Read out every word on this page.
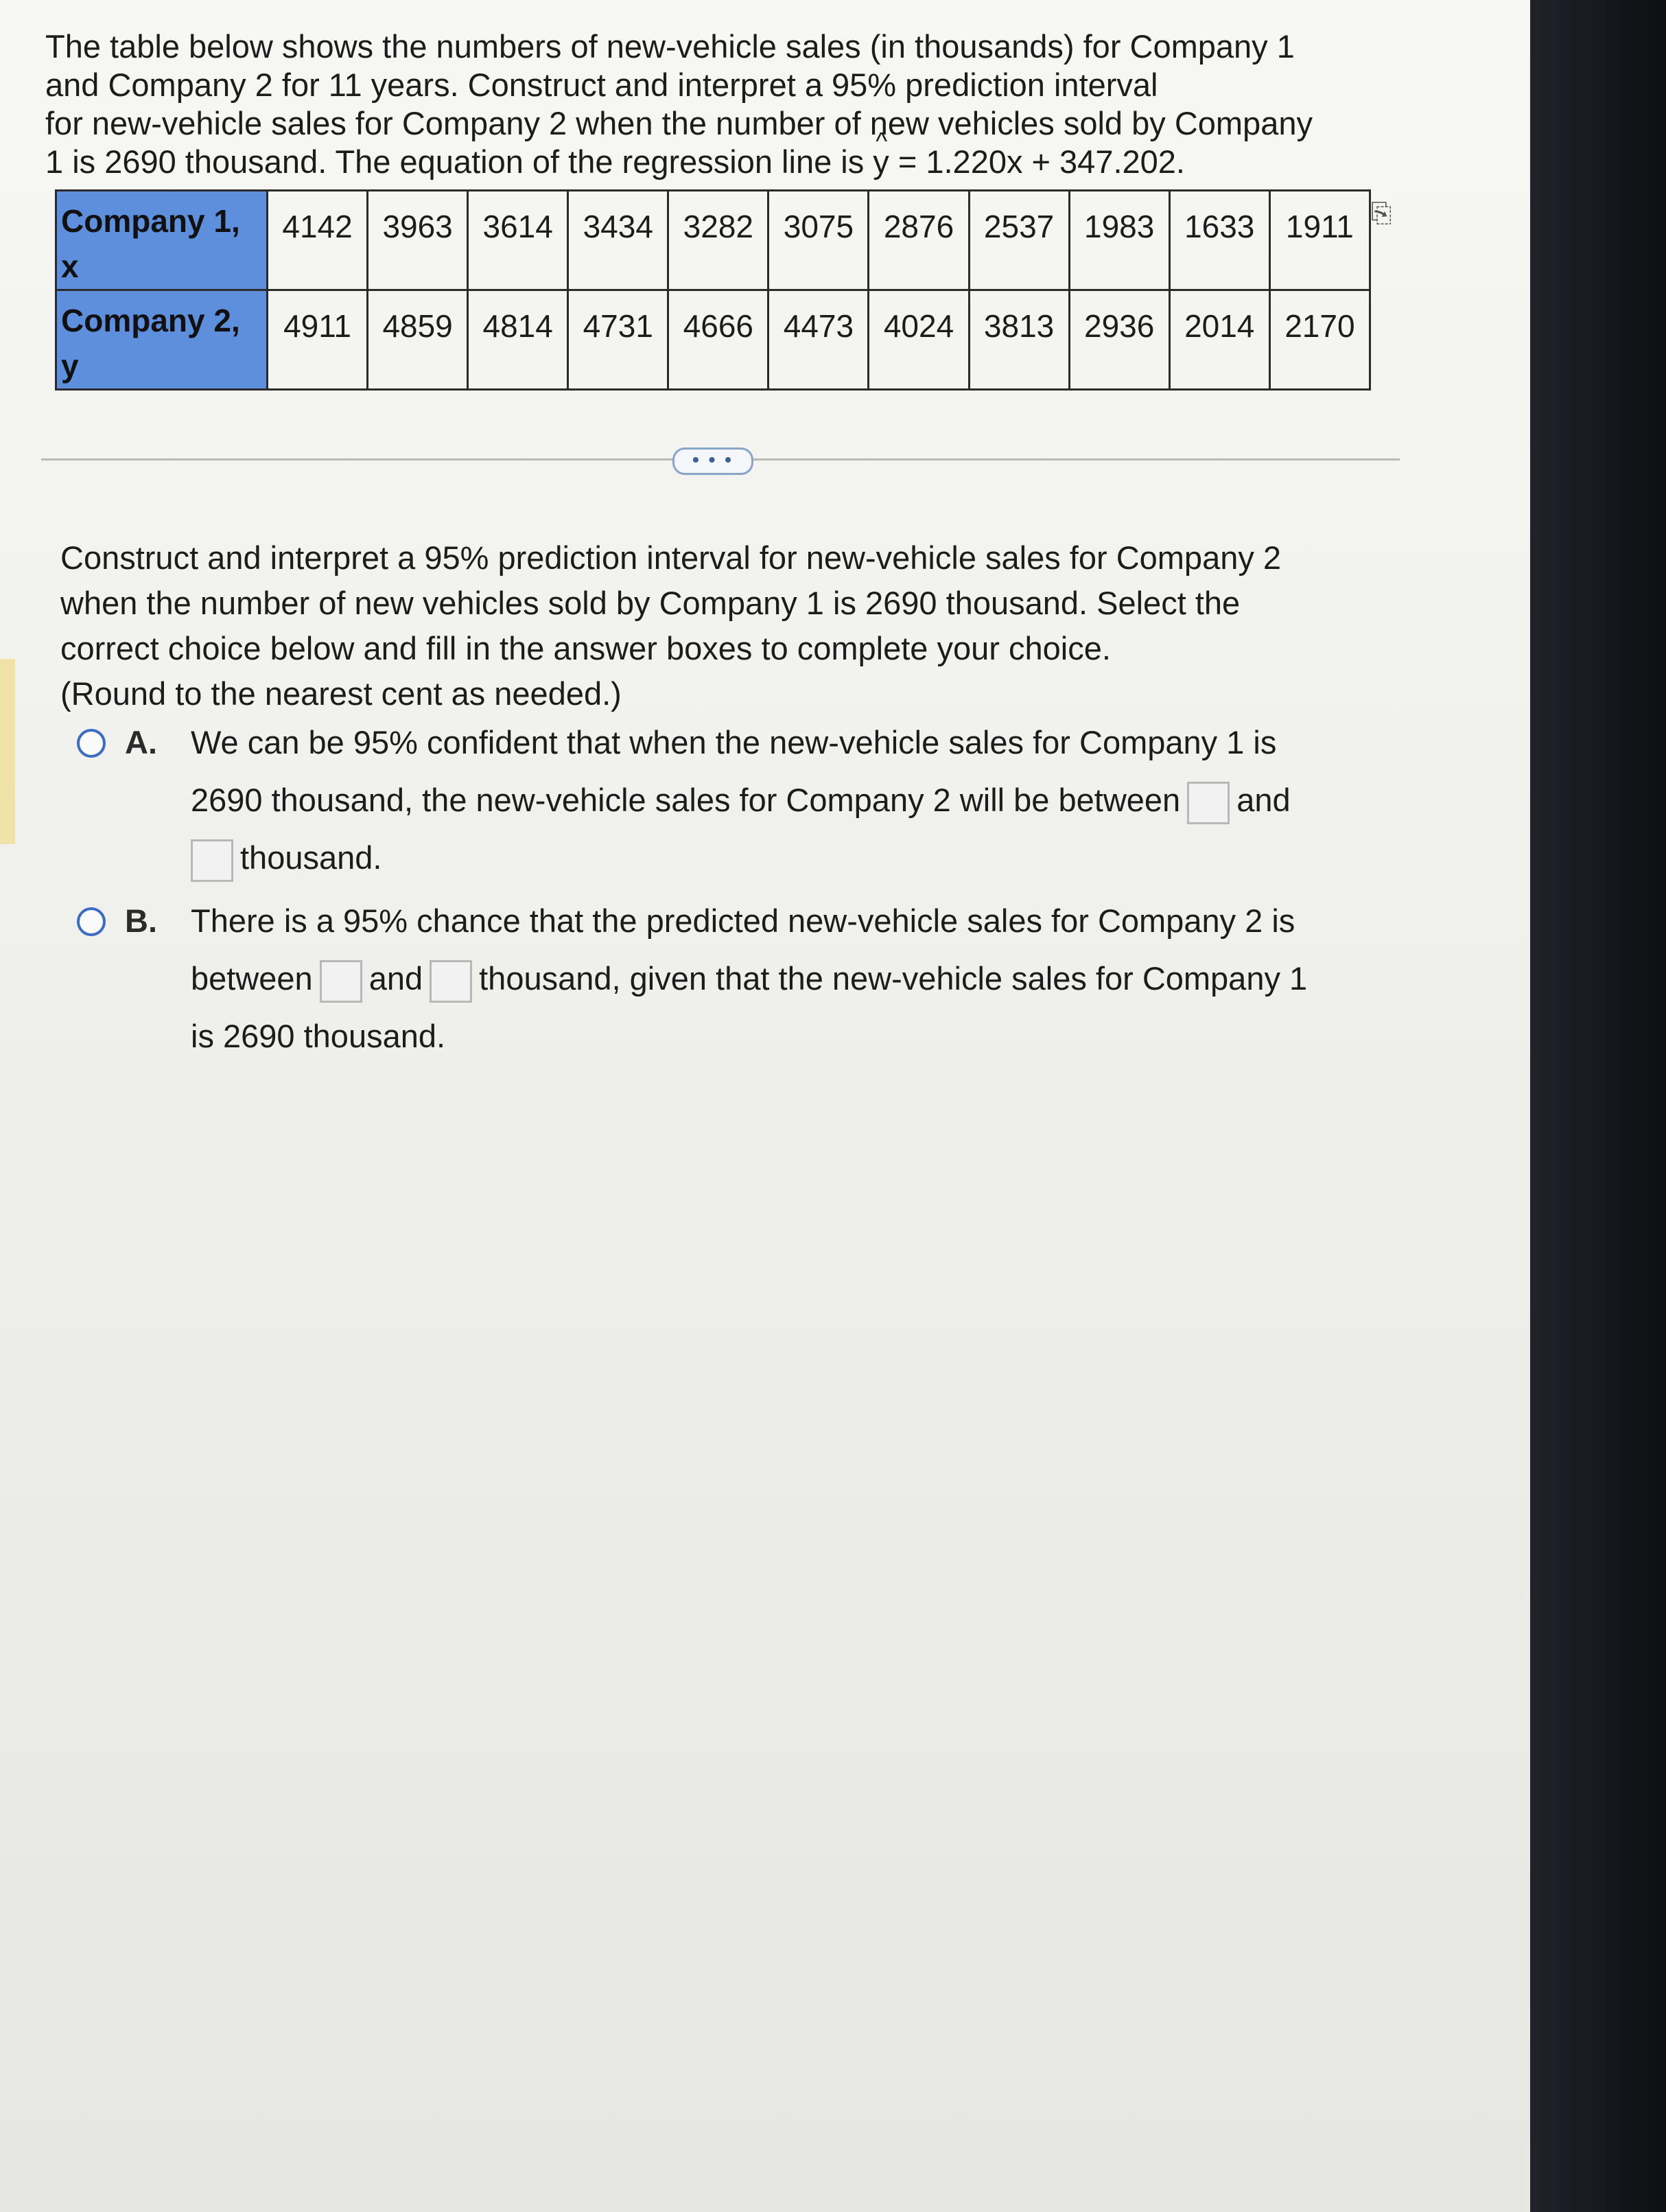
The table below shows the numbers of new-vehicle sales (in thousands) for Company 1

and Company 2 for 11 years. Construct and interpret a 95% prediction interval

for new-vehicle sales for Company 2 when the number of new vehicles sold by Company

1 is 2690 thousand. The equation of the regression line is ^ y = 1.220x + 347.202.

Company 1, x	4142	3963	3614	3434	3282	3075	2876	2537	1983	1633	1911
Company 2, y	4911	4859	4814	4731	4666	4473	4024	3813	2936	2014	2170
⎘
• • •

Construct and interpret a 95% prediction interval for new-vehicle sales for Company 2

when the number of new vehicles sold by Company 1 is 2690 thousand. Select the

correct choice below and fill in the answer boxes to complete your choice.

(Round to the nearest cent as needed.)

A. We can be 95% confident that when the new-vehicle sales for Company 1 is
2690 thousand, the new-vehicle sales for Company 2 will be between and
thousand.
B. There is a 95% chance that the predicted new-vehicle sales for Company 2 is
between and thousand, given that the new-vehicle sales for Company 1
is 2690 thousand.
